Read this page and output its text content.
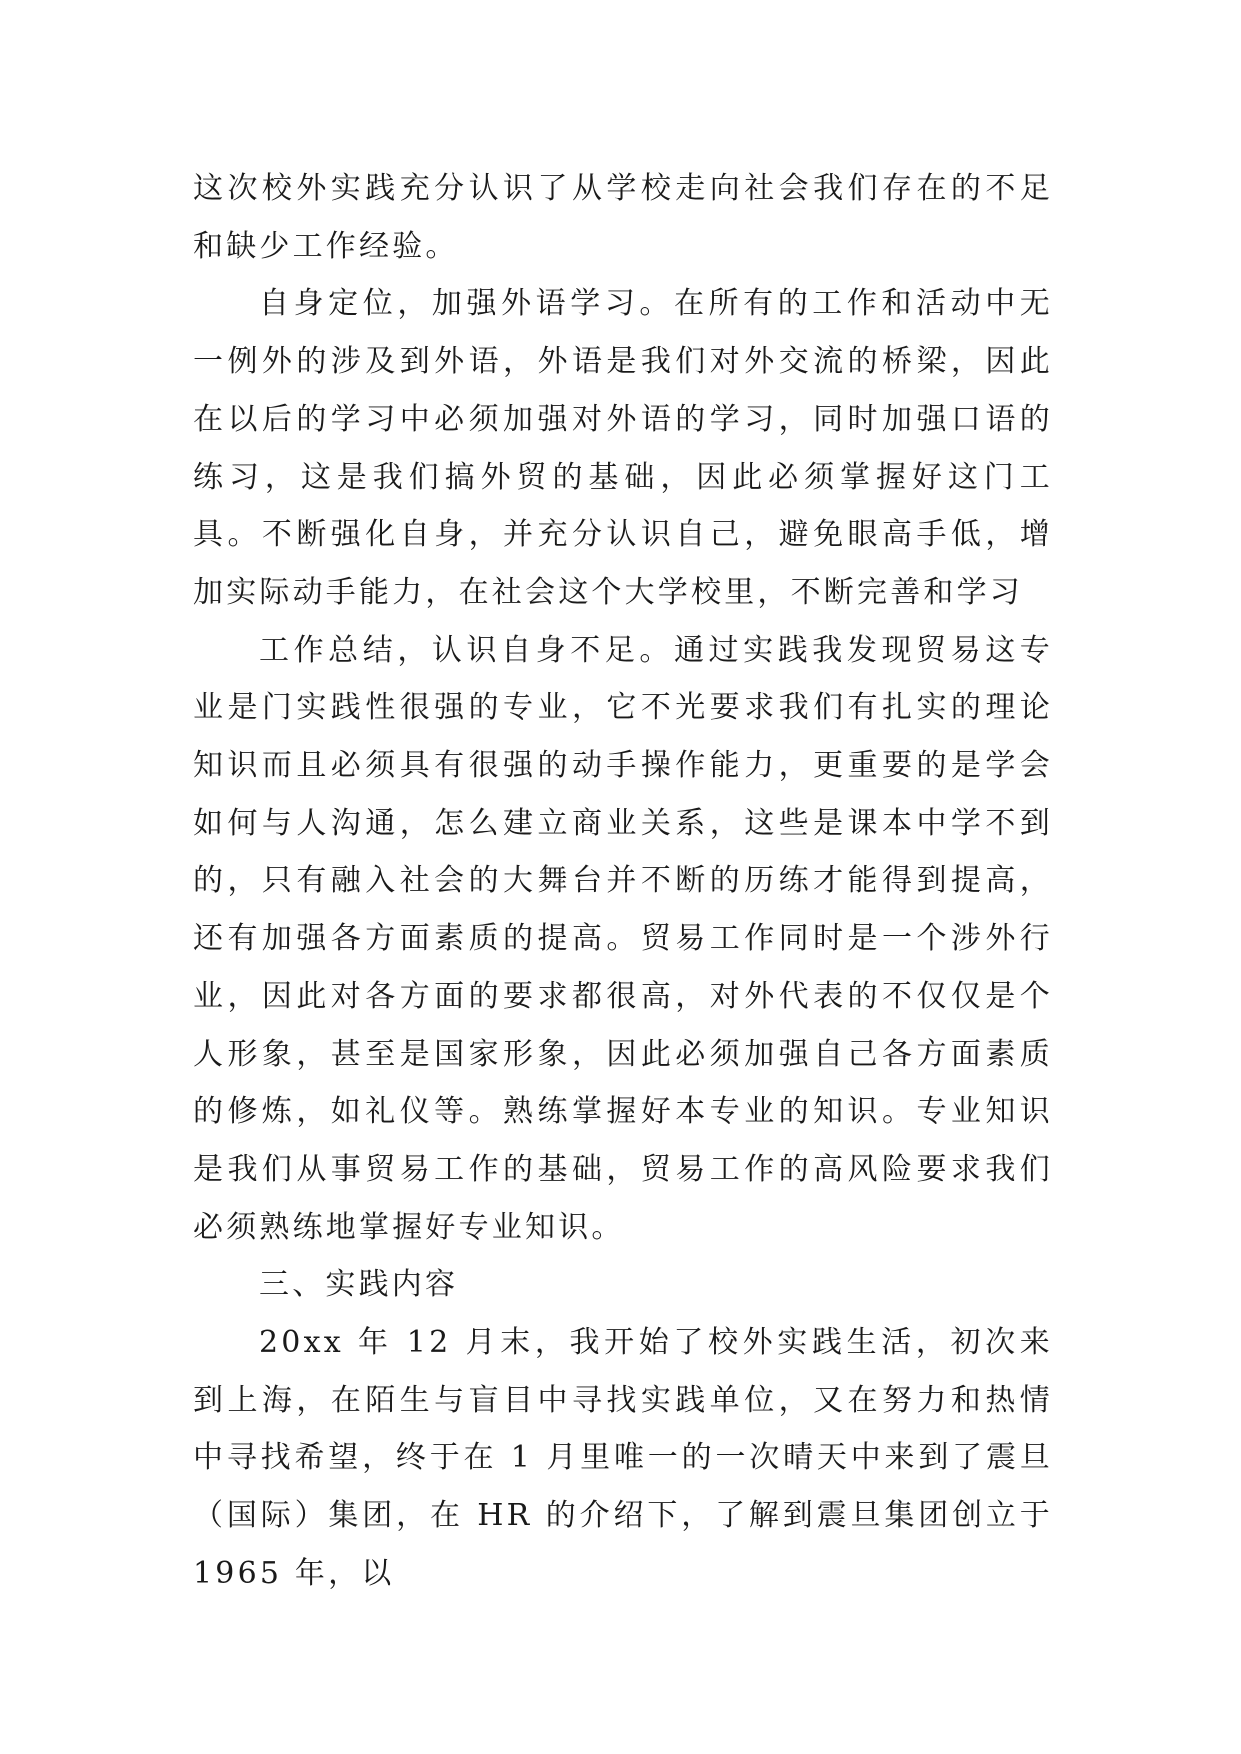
这次校外实践充分认识了从学校走向社会我们存在的不足和缺少工作经验。

自身定位，加强外语学习。在所有的工作和活动中无一例外的涉及到外语，外语是我们对外交流的桥梁，因此在以后的学习中必须加强对外语的学习，同时加强口语的练习，这是我们搞外贸的基础，因此必须掌握好这门工具。不断强化自身，并充分认识自己，避免眼高手低，增加实际动手能力，在社会这个大学校里，不断完善和学习

工作总结，认识自身不足。通过实践我发现贸易这专业是门实践性很强的专业，它不光要求我们有扎实的理论知识而且必须具有很强的动手操作能力，更重要的是学会如何与人沟通，怎么建立商业关系，这些是课本中学不到的，只有融入社会的大舞台并不断的历练才能得到提高，还有加强各方面素质的提高。贸易工作同时是一个涉外行业，因此对各方面的要求都很高，对外代表的不仅仅是个人形象，甚至是国家形象，因此必须加强自己各方面素质的修炼，如礼仪等。熟练掌握好本专业的知识。专业知识是我们从事贸易工作的基础，贸易工作的高风险要求我们必须熟练地掌握好专业知识。

三、实践内容

20xx 年 12 月末，我开始了校外实践生活，初次来到上海，在陌生与盲目中寻找实践单位，又在努力和热情中寻找希望，终于在 1 月里唯一的一次晴天中来到了震旦（国际）集团，在 HR 的介绍下，了解到震旦集团创立于 1965 年，以
